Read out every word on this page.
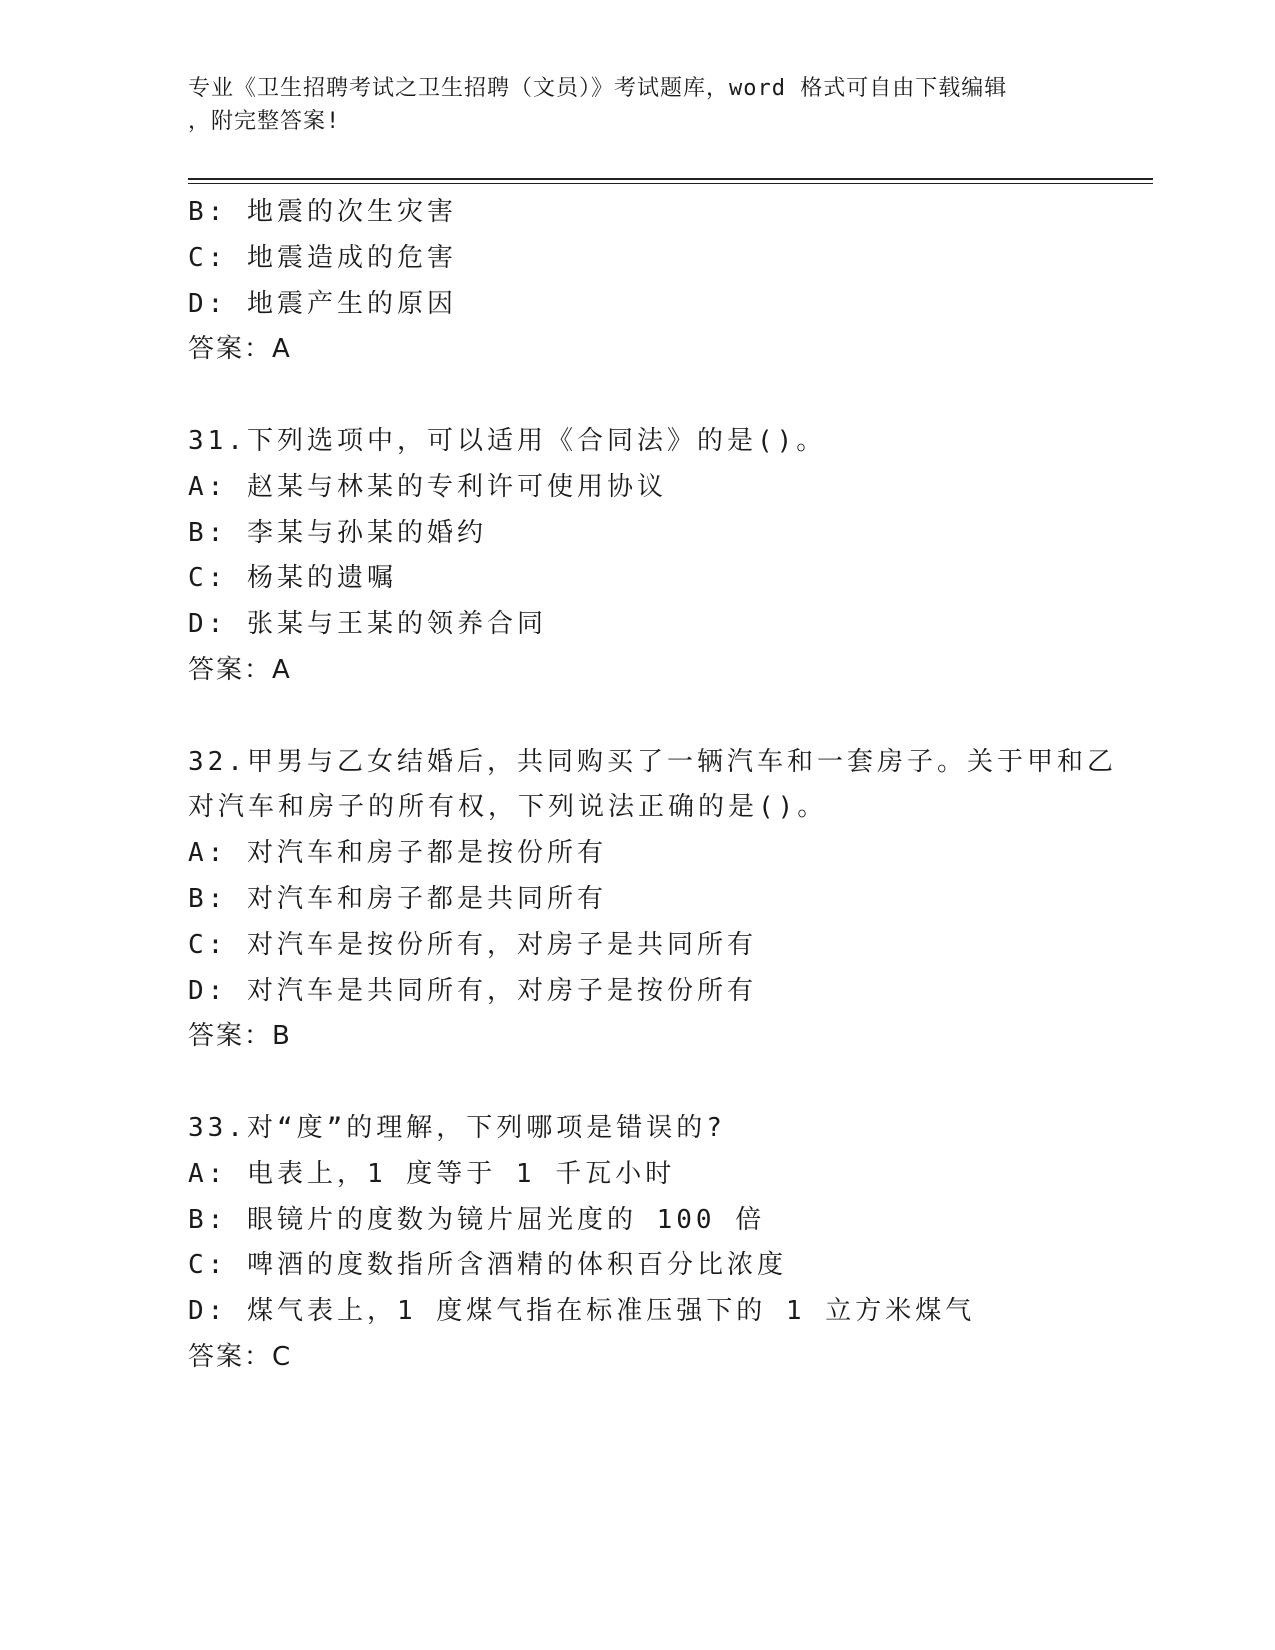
专业《卫生招聘考试之卫生招聘（文员）》考试题库，word 格式可自由下载编辑
，附完整答案!
B: 地震的次生灾害
C: 地震造成的危害
D: 地震产生的原因
答案：A
31.下列选项中，可以适用《合同法》的是()。
A: 赵某与林某的专利许可使用协议
B: 李某与孙某的婚约
C: 杨某的遗嘱
D: 张某与王某的领养合同
答案：A
32.甲男与乙女结婚后，共同购买了一辆汽车和一套房子。关于甲和乙
对汽车和房子的所有权，下列说法正确的是()。
A: 对汽车和房子都是按份所有
B: 对汽车和房子都是共同所有
C: 对汽车是按份所有，对房子是共同所有
D: 对汽车是共同所有，对房子是按份所有
答案：B
33.对“度”的理解，下列哪项是错误的?
A: 电表上，1 度等于 1 千瓦小时
B: 眼镜片的度数为镜片屈光度的 100 倍
C: 啤酒的度数指所含酒精的体积百分比浓度
D: 煤气表上，1 度煤气指在标准压强下的 1 立方米煤气
答案：C
